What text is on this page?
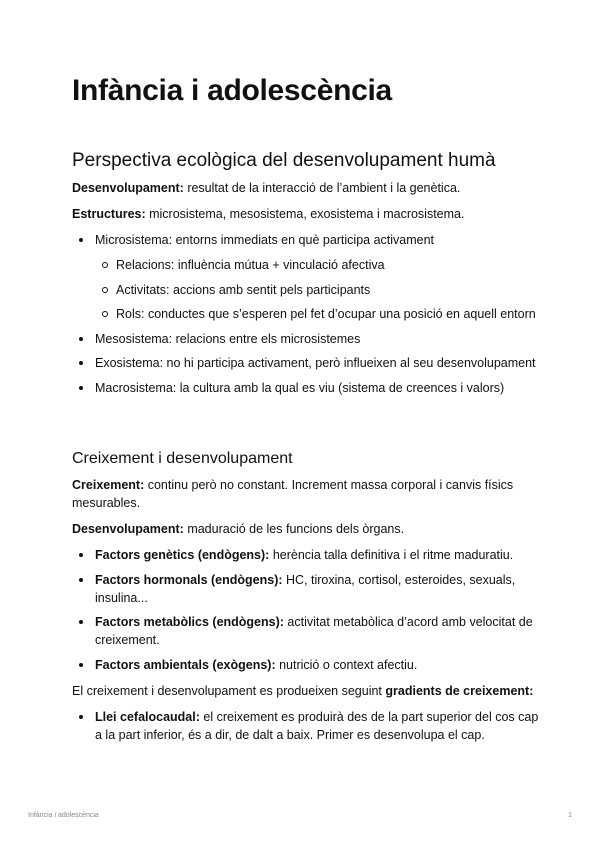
Infància i adolescència
Perspectiva ecològica del desenvolupament humà

Desenvolupament: resultat de la interacció de l’ambient i la genètica.

Estructures: microsistema, mesosistema, exosistema i macrosistema.

Microsistema: entorns immediats en què participa activament
Relacions: influència mútua + vinculació afectiva
Activitats: accions amb sentit pels participants
Rols: conductes que s’esperen pel fet d’ocupar una posició en aquell entorn
Mesosistema: relacions entre els microsistemes
Exosistema: no hi participa activament, però influeixen al seu desenvolupament
Macrosistema: la cultura amb la qual es viu (sistema de creences i valors)
Creixement i desenvolupament

Creixement: continu però no constant. Increment massa corporal i canvis físics mesurables.

Desenvolupament: maduració de les funcions dels òrgans.

Factors genètics (endògens): herència talla definitiva i el ritme maduratiu.
Factors hormonals (endògens): HC, tiroxina, cortisol, esteroides, sexuals, insulina...
Factors metabòlics (endògens): activitat metabòlica d’acord amb velocitat de creixement.
Factors ambientals (exògens): nutrició o context afectiu.

El creixement i desenvolupament es produeixen seguint gradients de creixement:

Llei cefalocaudal: el creixement es produirà des de la part superior del cos cap a la part inferior, és a dir, de dalt a baix. Primer es desenvolupa el cap.
Infància i adolescència	1
